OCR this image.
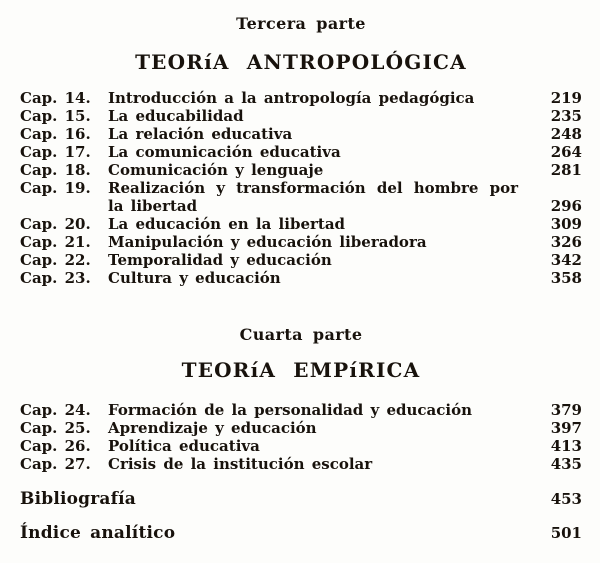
Tercera parte
TEORíA ANTROPOLÓGICA
Cap. 14.	Introducción a la antropología pedagógica	219
Cap. 15.	La educabilidad	235
Cap. 16.	La relación educativa	248
Cap. 17.	La comunicación educativa	264
Cap. 18.	Comunicación y lenguaje	281
Cap. 19.	Realización y transformación del hombre por la libertad	296
Cap. 20.	La educación en la libertad	309
Cap. 21.	Manipulación y educación liberadora	326
Cap. 22.	Temporalidad y educación	342
Cap. 23.	Cultura y educación	358
Cuarta parte
TEORíA EMPíRICA
Cap. 24.	Formación de la personalidad y educación	379
Cap. 25.	Aprendizaje y educación	397
Cap. 26.	Política educativa	413
Cap. 27.	Crisis de la institución escolar	435
Bibliografía	453
Índice analítico	501
